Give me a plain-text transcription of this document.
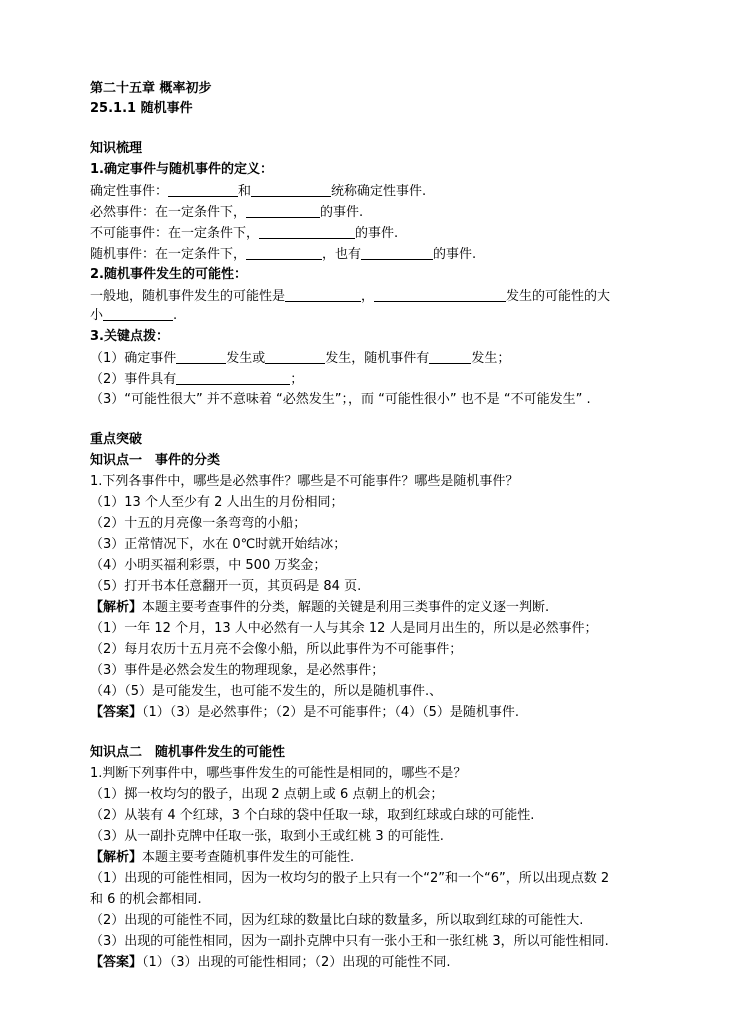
第二十五章 概率初步
25.1.1 随机事件
知识梳理
1.确定事件与随机事件的定义：
确定性事件：	和	统称确定性事件.
必然事件：在一定条件下，	的事件.
不可能事件：在一定条件下，	的事件.
随机事件：在一定条件下，	，也有	的事件.
2.随机事件发生的可能性：
一般地，随机事件发生的可能性是	，	发生的可能性的大
小	.
3.关键点拨：
（1）确定事件	发生或	发生，随机事件有	发生；
（2）事件具有	；
（3）“可能性很大” 并不意味着 “必然发生”；，而 “可能性很小” 也不是 “不可能发生” .
重点突破
知识点一　事件的分类
1.下列各事件中，哪些是必然事件？哪些是不可能事件？哪些是随机事件？
（1）13 个人至少有 2 人出生的月份相同；
（2）十五的月亮像一条弯弯的小船；
（3）正常情况下，水在 0℃时就开始结冰；
（4）小明买福利彩票，中 500 万奖金；
（5）打开书本任意翻开一页，其页码是 84 页.
【解析】本题主要考查事件的分类，解题的关键是利用三类事件的定义逐一判断.
（1）一年 12 个月，13 人中必然有一人与其余 12 人是同月出生的，所以是必然事件；
（2）每月农历十五月亮不会像小船，所以此事件为不可能事件；
（3）事件是必然会发生的物理现象，是必然事件；
（4）（5）是可能发生，也可能不发生的，所以是随机事件.、
【答案】（1）（3）是必然事件；（2）是不可能事件；（4）（5）是随机事件.
知识点二　随机事件发生的可能性
1.判断下列事件中，哪些事件发生的可能性是相同的，哪些不是？
（1）掷一枚均匀的骰子，出现 2 点朝上或 6 点朝上的机会；
（2）从装有 4 个红球，3 个白球的袋中任取一球，取到红球或白球的可能性.
（3）从一副扑克牌中任取一张，取到小王或红桃 3 的可能性.
【解析】本题主要考查随机事件发生的可能性.
（1）出现的可能性相同，因为一枚均匀的骰子上只有一个“2”和一个“6”，所以出现点数 2
和 6 的机会都相同.
（2）出现的可能性不同，因为红球的数量比白球的数量多，所以取到红球的可能性大.
（3）出现的可能性相同，因为一副扑克牌中只有一张小王和一张红桃 3，所以可能性相同.
【答案】（1）（3）出现的可能性相同；（2）出现的可能性不同.
